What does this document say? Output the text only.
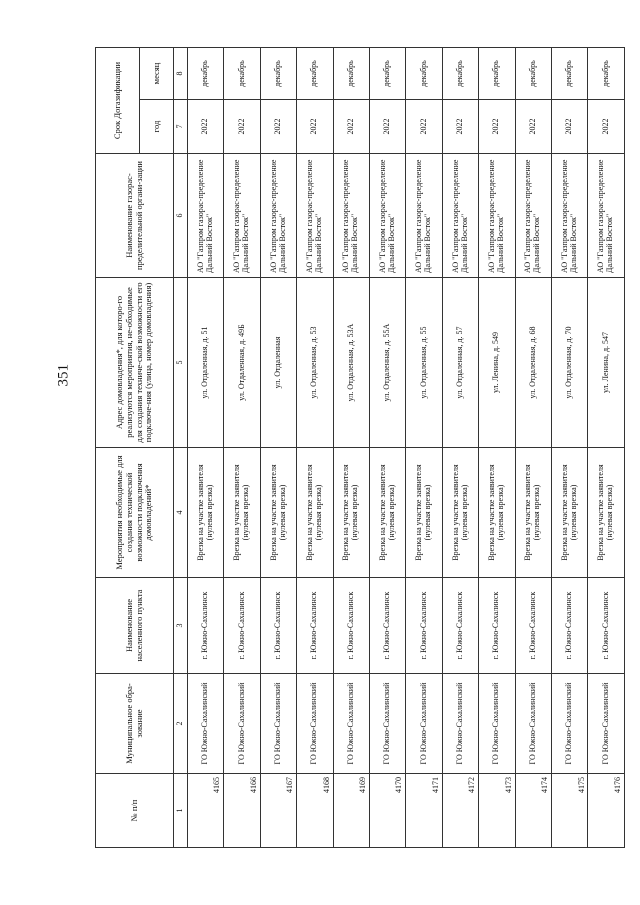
351
№ п/п	Муниципальное обра-зование	Наименование населенного пункта	Мероприятия необходимые для создания технической возможности подключения домовладений*	Адрес домовладения*, для которо-го реализуются мероприятия, не-обходимые для создания техниче-ской возможности его подключе-ния (улица, номер домовладения)	Наименование газорас-пределительной органи-зации	Срок Догазификации	
						год	месяц
1	2	3	4	5	6	7	8
4165	ГО Южно-Сахалинский	г. Южно-Сахалинск	Врезка на участке заявителя (нулевая врезка)	ул. Отдаленная, д. 51	АО "Газпром газорас-пределение Дальний Восток"	2022	декабрь
4166	ГО Южно-Сахалинский	г. Южно-Сахалинск	Врезка на участке заявителя (нулевая врезка)	ул. Отдаленная, д. 49Б	АО "Газпром газорас-пределение Дальний Восток"	2022	декабрь
4167	ГО Южно-Сахалинский	г. Южно-Сахалинск	Врезка на участке заявителя (нулевая врезка)	ул. Отдаленная	АО "Газпром газорас-пределение Дальний Восток"	2022	декабрь
4168	ГО Южно-Сахалинский	г. Южно-Сахалинск	Врезка на участке заявителя (нулевая врезка)	ул. Отдаленная, д. 53	АО "Газпром газорас-пределение Дальний Восток"	2022	декабрь
4169	ГО Южно-Сахалинский	г. Южно-Сахалинск	Врезка на участке заявителя (нулевая врезка)	ул. Отдаленная, д. 53А	АО "Газпром газорас-пределение Дальний Восток"	2022	декабрь
4170	ГО Южно-Сахалинский	г. Южно-Сахалинск	Врезка на участке заявителя (нулевая врезка)	ул. Отдаленная, д. 55А	АО "Газпром газорас-пределение Дальний Восток"	2022	декабрь
4171	ГО Южно-Сахалинский	г. Южно-Сахалинск	Врезка на участке заявителя (нулевая врезка)	ул. Отдаленная, д. 55	АО "Газпром газорас-пределение Дальний Восток"	2022	декабрь
4172	ГО Южно-Сахалинский	г. Южно-Сахалинск	Врезка на участке заявителя (нулевая врезка)	ул. Отдаленная, д. 57	АО "Газпром газорас-пределение Дальний Восток"	2022	декабрь
4173	ГО Южно-Сахалинский	г. Южно-Сахалинск	Врезка на участке заявителя (нулевая врезка)	ул. Ленина, д. 549	АО "Газпром газорас-пределение Дальний Восток"	2022	декабрь
4174	ГО Южно-Сахалинский	г. Южно-Сахалинск	Врезка на участке заявителя (нулевая врезка)	ул. Отдаленная, д. 68	АО "Газпром газорас-пределение Дальний Восток"	2022	декабрь
4175	ГО Южно-Сахалинский	г. Южно-Сахалинск	Врезка на участке заявителя (нулевая врезка)	ул. Отдаленная, д. 70	АО "Газпром газорас-пределение Дальний Восток"	2022	декабрь
4176	ГО Южно-Сахалинский	г. Южно-Сахалинск	Врезка на участке заявителя (нулевая врезка)	ул. Ленина, д. 547	АО "Газпром газорас-пределение Дальний Восток"	2022	декабрь
